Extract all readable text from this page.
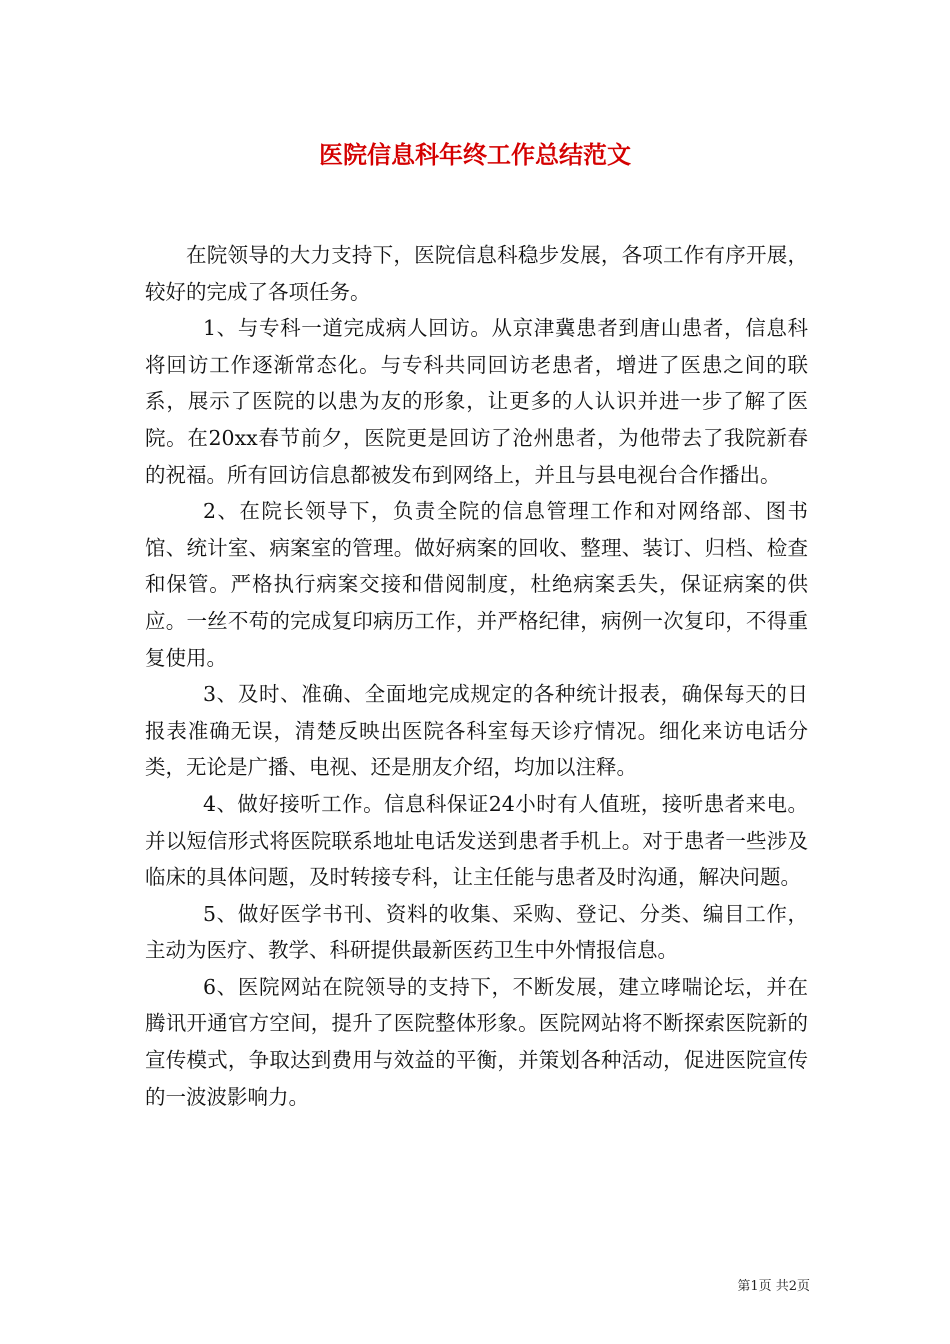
医院信息科年终工作总结范文

在院领导的大力支持下，医院信息科稳步发展，各项工作有序开展，较好的完成了各项任务。

1、与专科一道完成病人回访。从京津冀患者到唐山患者，信息科将回访工作逐渐常态化。与专科共同回访老患者，增进了医患之间的联系，展示了医院的以患为友的形象，让更多的人认识并进一步了解了医院。在20xx春节前夕，医院更是回访了沧州患者，为他带去了我院新春的祝福。所有回访信息都被发布到网络上，并且与县电视台合作播出。

2、在院长领导下，负责全院的信息管理工作和对网络部、图书馆、统计室、病案室的管理。做好病案的回收、整理、装订、归档、检查和保管。严格执行病案交接和借阅制度，杜绝病案丢失，保证病案的供应。一丝不苟的完成复印病历工作，并严格纪律，病例一次复印，不得重复使用。

3、及时、准确、全面地完成规定的各种统计报表，确保每天的日报表准确无误，清楚反映出医院各科室每天诊疗情况。细化来访电话分类，无论是广播、电视、还是朋友介绍，均加以注释。

4、做好接听工作。信息科保证24小时有人值班，接听患者来电。并以短信形式将医院联系地址电话发送到患者手机上。对于患者一些涉及临床的具体问题，及时转接专科，让主任能与患者及时沟通，解决问题。

5、做好医学书刊、资料的收集、采购、登记、分类、编目工作，主动为医疗、教学、科研提供最新医药卫生中外情报信息。

6、医院网站在院领导的支持下，不断发展，建立哮喘论坛，并在腾讯开通官方空间，提升了医院整体形象。医院网站将不断探索医院新的宣传模式，争取达到费用与效益的平衡，并策划各种活动，促进医院宣传的一波波影响力。

第1页 共2页
